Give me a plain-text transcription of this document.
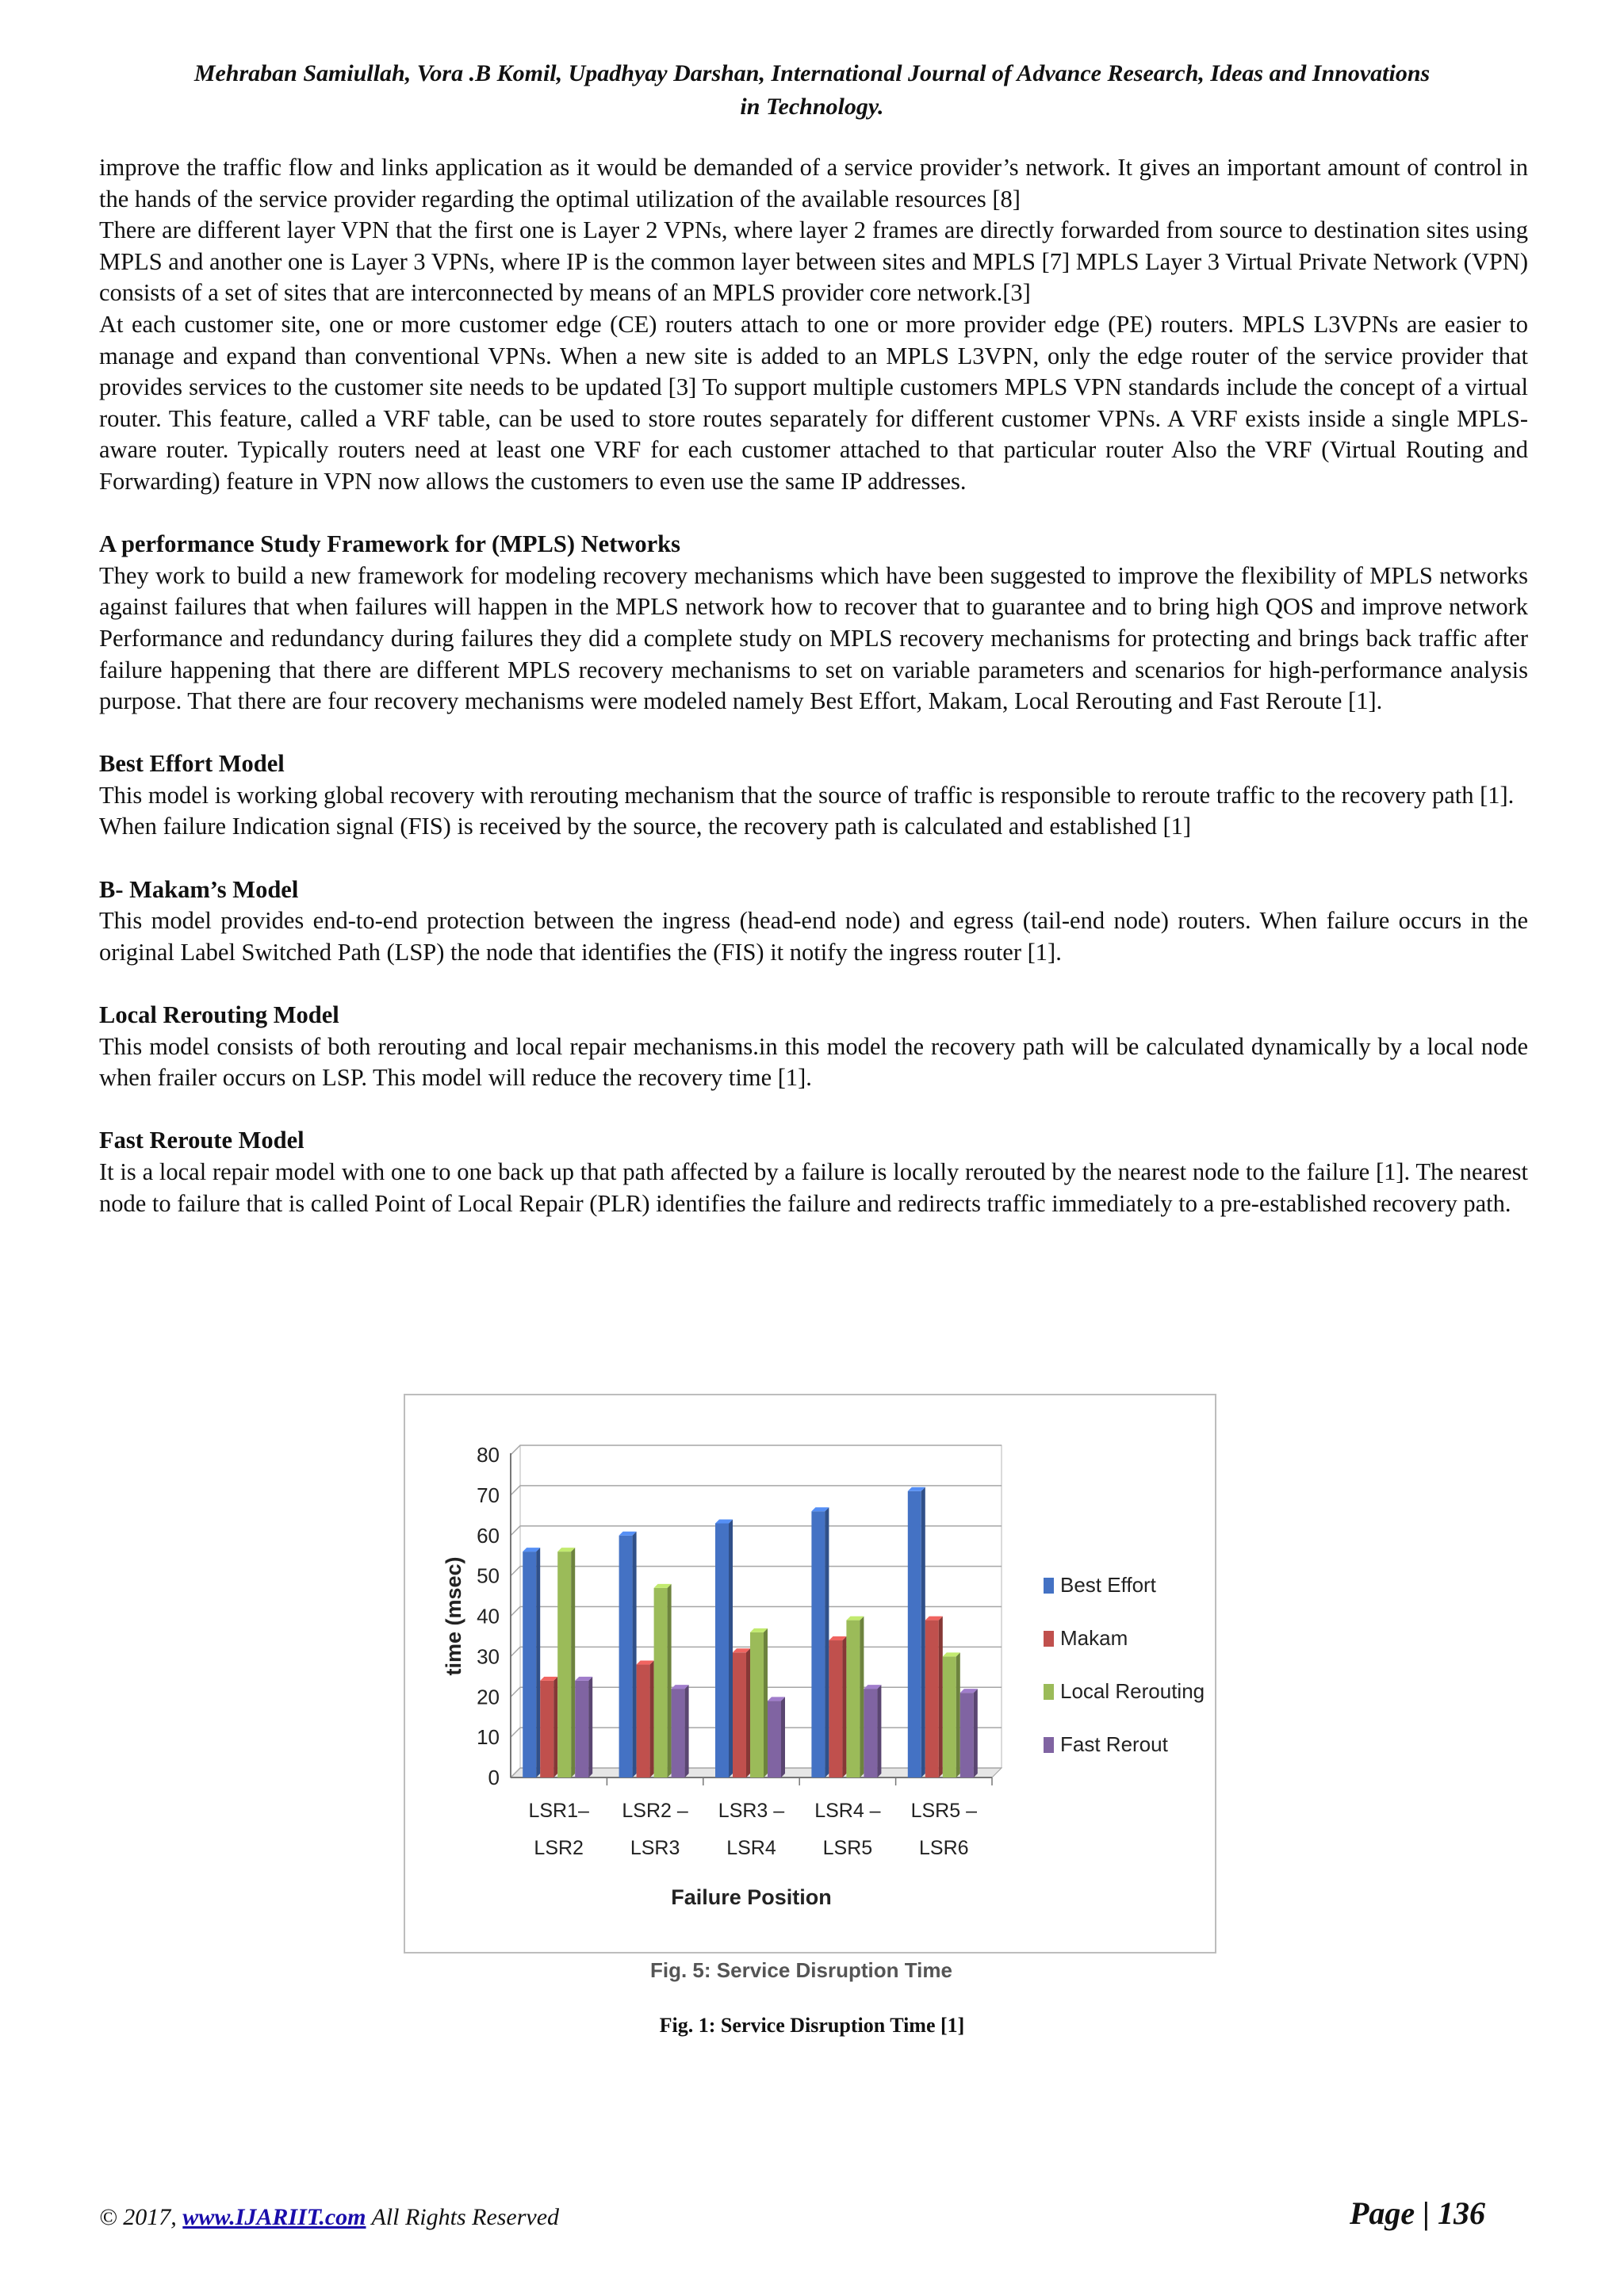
Mehraban Samiullah, Vora .B Komil, Upadhyay Darshan, International Journal of Advance Research, Ideas and Innovations
in Technology.

improve the traffic flow and links application as it would be demanded of a service provider’s network. It gives an important amount of control in the hands of the service provider regarding the optimal utilization of the available resources [8]

There are different layer VPN that the first one is Layer 2 VPNs, where layer 2 frames are directly forwarded from source to destination sites using MPLS and another one is Layer 3 VPNs, where IP is the common layer between sites and MPLS [7] MPLS Layer 3 Virtual Private Network (VPN) consists of a set of sites that are interconnected by means of an MPLS provider core network.[3]

At each customer site, one or more customer edge (CE) routers attach to one or more provider edge (PE) routers. MPLS L3VPNs are easier to manage and expand than conventional VPNs. When a new site is added to an MPLS L3VPN, only the edge router of the service provider that provides services to the customer site needs to be updated [3] To support multiple customers MPLS VPN standards include the concept of a virtual router. This feature, called a VRF table, can be used to store routes separately for different customer VPNs. A VRF exists inside a single MPLS-aware router. Typically routers need at least one VRF for each customer attached to that particular router Also the VRF (Virtual Routing and Forwarding) feature in VPN now allows the customers to even use the same IP addresses.

A performance Study Framework for (MPLS) Networks

They work to build a new framework for modeling recovery mechanisms which have been suggested to improve the flexibility of MPLS networks against failures that when failures will happen in the MPLS network how to recover that to guarantee and to bring high QOS and improve network Performance and redundancy during failures they did a complete study on MPLS recovery mechanisms for protecting and brings back traffic after failure happening that there are different MPLS recovery mechanisms to set on variable parameters and scenarios for high-performance analysis purpose. That there are four recovery mechanisms were modeled namely Best Effort, Makam, Local Rerouting and Fast Reroute [1].

Best Effort Model

This model is working global recovery with rerouting mechanism that the source of traffic is responsible to reroute traffic to the recovery path [1].

When failure Indication signal (FIS) is received by the source, the recovery path is calculated and established [1]

B- Makam’s Model

This model provides end-to-end protection between the ingress (head-end node) and egress (tail-end node) routers. When failure occurs in the original Label Switched Path (LSP) the node that identifies the (FIS) it notify the ingress router [1].

Local Rerouting Model

This model consists of both rerouting and local repair mechanisms.in this model the recovery path will be calculated dynamically by a local node when frailer occurs on LSP. This model will reduce the recovery time [1].

Fast Reroute Model

It is a local repair model with one to one back up that path affected by a failure is locally rerouted by the nearest node to the failure [1]. The nearest node to failure that is called Point of Local Repair (PLR) identifies the failure and redirects traffic immediately to a pre-established recovery path.

0
10
20
30
40
50
60
70
80
LSR1–
LSR2
LSR2 –
LSR3
LSR3 –
LSR4
LSR4 –
LSR5
LSR5 –
LSR6
Failure Position
time (msec)	Best Effort
Makam
Local Rerouting
Fast Rerout
Fig. 5: Service Disruption Time
Fig. 1: Service Disruption Time [1]
© 2017, www.IJARIIT.com All Rights Reserved	Page | 136
